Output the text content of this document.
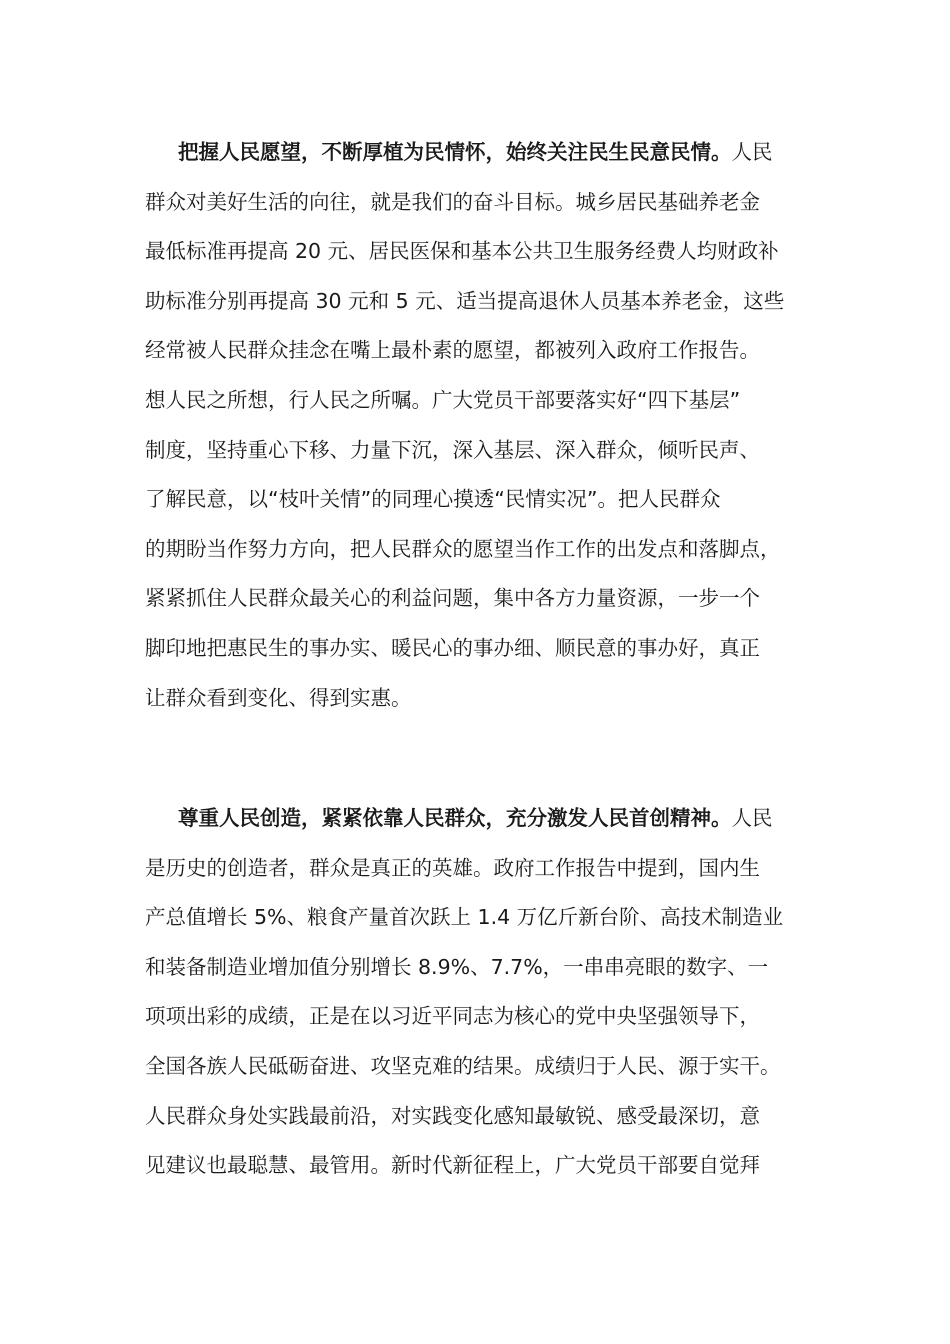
把握人民愿望，不断厚植为民情怀，始终关注民生民意民情。人民
群众对美好生活的向往，就是我们的奋斗目标。城乡居民基础养老金
最低标准再提高 20 元、居民医保和基本公共卫生服务经费人均财政补
助标准分别再提高 30 元和 5 元、适当提高退休人员基本养老金，这些
经常被人民群众挂念在嘴上最朴素的愿望，都被列入政府工作报告。
想人民之所想，行人民之所嘱。广大党员干部要落实好“四下基层”
制度，坚持重心下移、力量下沉，深入基层、深入群众，倾听民声、
了解民意，以“枝叶关情”的同理心摸透“民情实况”。把人民群众
的期盼当作努力方向，把人民群众的愿望当作工作的出发点和落脚点，
紧紧抓住人民群众最关心的利益问题，集中各方力量资源，一步一个
脚印地把惠民生的事办实、暖民心的事办细、顺民意的事办好，真正
让群众看到变化、得到实惠。
尊重人民创造，紧紧依靠人民群众，充分激发人民首创精神。人民
是历史的创造者，群众是真正的英雄。政府工作报告中提到，国内生
产总值增长 5%、粮食产量首次跃上 1.4 万亿斤新台阶、高技术制造业
和装备制造业增加值分别增长 8.9%、7.7%，一串串亮眼的数字、一
项项出彩的成绩，正是在以习近平同志为核心的党中央坚强领导下，
全国各族人民砥砺奋进、攻坚克难的结果。成绩归于人民、源于实干。
人民群众身处实践最前沿，对实践变化感知最敏锐、感受最深切，意
见建议也最聪慧、最管用。新时代新征程上，广大党员干部要自觉拜
